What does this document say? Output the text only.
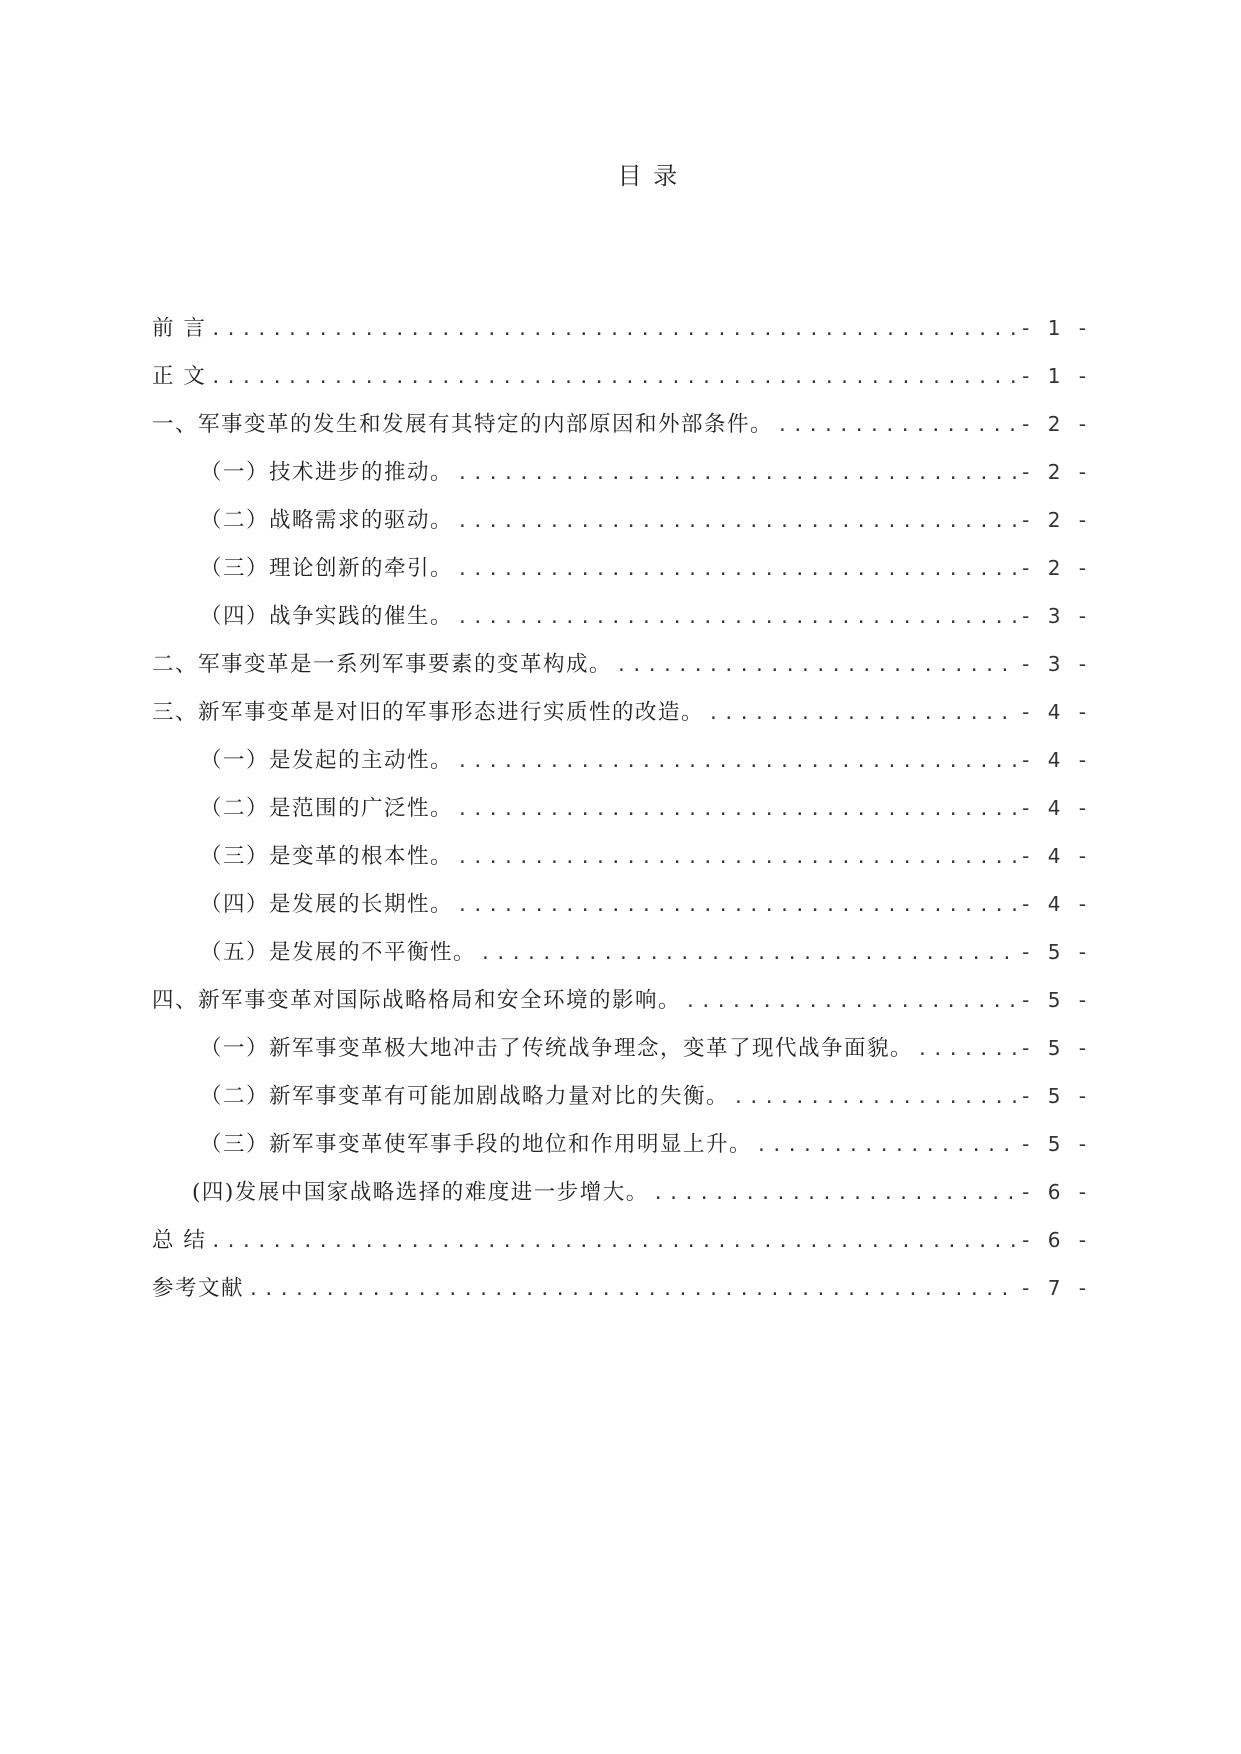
目 录
前 言 .....	- 1 -
正 文 .....	- 1 -
一、军事变革的发生和发展有其特定的内部原因和外部条件。 .....	- 2 -
（一）技术进步的推动。 .....	- 2 -
（二）战略需求的驱动。 .....	- 2 -
（三）理论创新的牵引。 .....	- 2 -
（四）战争实践的催生。 .....	- 3 -
二、军事变革是一系列军事要素的变革构成。 .....	- 3 -
三、新军事变革是对旧的军事形态进行实质性的改造。 .....	- 4 -
（一）是发起的主动性。 .....	- 4 -
（二）是范围的广泛性。 .....	- 4 -
（三）是变革的根本性。 .....	- 4 -
（四）是发展的长期性。 .....	- 4 -
（五）是发展的不平衡性。 .....	- 5 -
四、新军事变革对国际战略格局和安全环境的影响。 .....	- 5 -
（一）新军事变革极大地冲击了传统战争理念，变革了现代战争面貌。 .....	- 5 -
（二）新军事变革有可能加剧战略力量对比的失衡。 .....	- 5 -
（三）新军事变革使军事手段的地位和作用明显上升。 .....	- 5 -
(四)发展中国家战略选择的难度进一步增大。 .....	- 6 -
总 结 .....	- 6 -
参考文献 .....	- 7 -
